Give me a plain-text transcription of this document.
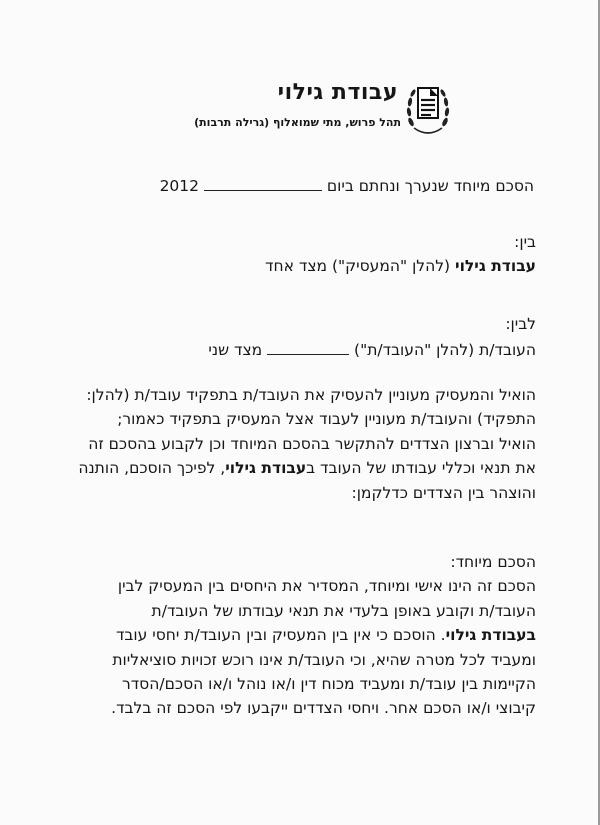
עבודת גילוי
תהל פרוש, מתי שמואלוף (גרילה תרבות)
הסכם מיוחד שנערך ונחתם ביום  2012
בין:
עבודת גילוי (להלן "המעסיק") מצד אחד
לבין:
העובד/ת (להלן "העובד/ת")  מצד שני

הואיל והמעסיק מעוניין להעסיק את העובד/ת בתפקיד עובד/ת (להלן:

התפקיד) והעובד/ת מעוניין לעבוד אצל המעסיק בתפקיד כאמור;

הואיל וברצון הצדדים להתקשר בהסכם המיוחד וכן לקבוע בהסכם זה

את תנאי וכללי עבודתו של העובד בעבודת גילוי, לפיכך הוסכם, הותנה

והוצהר בין הצדדים כדלקמן:

הסכם מיוחד:

הסכם זה הינו אישי ומיוחד, המסדיר את היחסים בין המעסיק לבין

העובד/ת וקובע באופן בלעדי את תנאי עבודתו של העובד/ת

בעבודת גילוי. הוסכם כי אין בין המעסיק ובין העובד/ת יחסי עובד

ומעביד לכל מטרה שהיא, וכי העובד/ת אינו רוכש זכויות סוציאליות

הקיימות בין עובד/ת ומעביד מכוח דין ו/או נוהל ו/או הסכם/הסדר

קיבוצי ו/או הסכם אחר. ויחסי הצדדים ייקבעו לפי הסכם זה בלבד.
